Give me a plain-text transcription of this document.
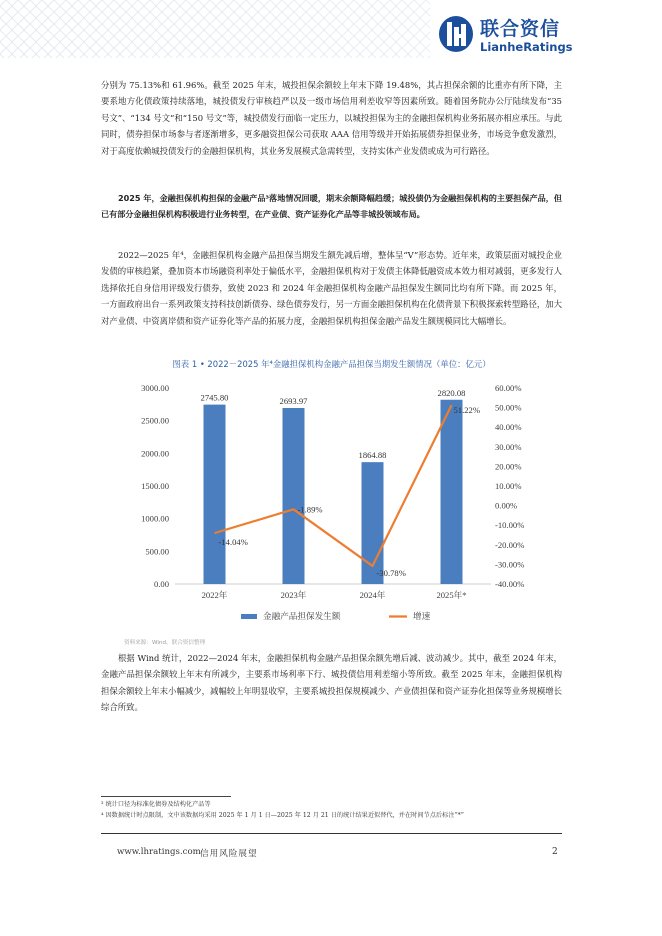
联合资信
LianheRatings

分别为 75.13%和 61.96%。截至 2025 年末，城投担保余额较上年末下降 19.48%，其占担保余额的比重亦有所下降，主要系地方化债政策持续落地，城投债发行审核趋严以及一级市场信用利差收窄等因素所致。随着国务院办公厅陆续发布“35 号文”、“134 号文”和“150 号文”等，城投债发行面临一定压力，以城投担保为主的金融担保机构业务拓展亦相应承压。与此同时，债券担保市场参与者逐渐增多，更多融资担保公司获取 AAA 信用等级并开始拓展债券担保业务，市场竞争愈发激烈，对于高度依赖城投债发行的金融担保机构，其业务发展模式急需转型，支持实体产业发债或成为可行路径。

2025 年，金融担保机构担保的金融产品³落地情况回暖，期末余额降幅趋缓；城投债仍为金融担保机构的主要担保产品，但已有部分金融担保机构积极进行业务转型，在产业债、资产证券化产品等非城投领域布局。

2022—2025 年⁴，金融担保机构金融产品担保当期发生额先减后增，整体呈“V”形态势。近年来，政策层面对城投企业发债的审核趋紧，叠加资本市场融资利率处于偏低水平，金融担保机构对于发债主体降低融资成本效力相对减弱，更多发行人选择依托自身信用评级发行债券，致使 2023 和 2024 年金融担保机构金融产品担保发生额同比均有所下降。而 2025 年，一方面政府出台一系列政策支持科技创新债券、绿色债券发行，另一方面金融担保机构在化债背景下积极探索转型路径，加大对产业债、中资离岸债和资产证券化等产品的拓展力度，金融担保机构担保金融产品发生额规模同比大幅增长。

图表 1 • 2022－2025 年⁴金融担保机构金融产品担保当期发生额情况（单位：亿元）
0.00
500.00
1000.00
1500.00
2000.00
2500.00
3000.00
-40.00%
-30.00%
-20.00%
-10.00%
0.00%
10.00%
20.00%
30.00%
40.00%
50.00%
60.00%
2745.80	2693.97
1864.88
2820.08
2022年	2023年	2024年	2025年*
-14.04%
-1.89%
-30.78%
51.22%
金融产品担保发生额	增速
资料来源：Wind，联合资信整理

根据 Wind 统计，2022—2024 年末，金融担保机构金融产品担保余额先增后减、波动减少。其中，截至 2024 年末，金融产品担保余额较上年末有所减少，主要系市场利率下行、城投债信用利差缩小等所致。截至 2025 年末，金融担保机构担保余额较上年末小幅减少，减幅较上年明显收窄，主要系城投担保规模减少、产业债担保和资产证券化担保等业务规模增长综合所致。

³ 统计口径为标准化债券及结构化产品等
⁴ 因数据统计时点限制，文中该数据均采用 2025 年 1 月 1 日—2025 年 12 月 21 日的统计结果近似替代，并在时间节点后标注“*”
www.lhratings.com 信用风险展望	2
